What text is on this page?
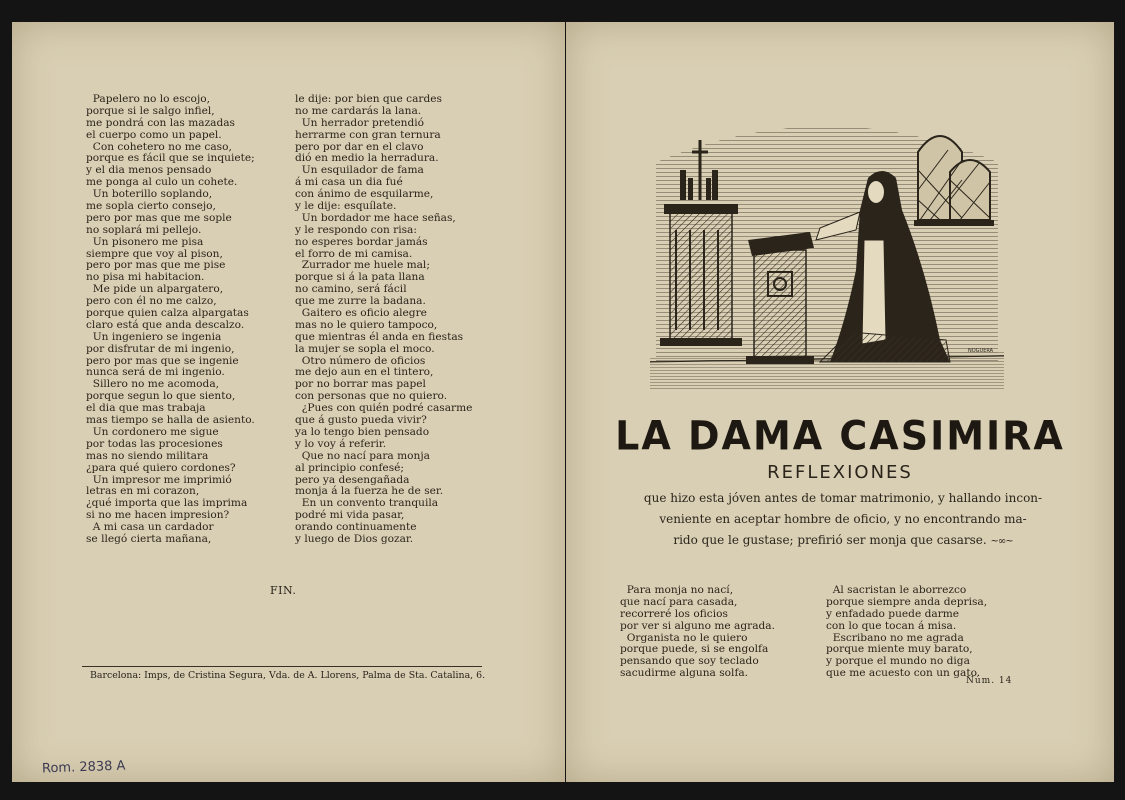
Papelero no lo escojo,
porque si le salgo infiel,
me pondrá con las mazadas
el cuerpo como un papel.
Con cohetero no me caso,
porque es fácil que se inquiete;
y el dia menos pensado
me ponga al culo un cohete.
Un boterillo soplando,
me sopla cierto consejo,
pero por mas que me sople
no soplará mi pellejo.
Un pisonero me pisa
siempre que voy al pison,
pero por mas que me pise
no pisa mi habitacion.
Me pide un alpargatero,
pero con él no me calzo,
porque quien calza alpargatas
claro está que anda descalzo.
Un ingeniero se ingenia
por disfrutar de mi ingenio,
pero por mas que se ingenie
nunca será de mi ingenio.
Sillero no me acomoda,
porque segun lo que siento,
el dia que mas trabaja
mas tiempo se halla de asiento.
Un cordonero me sigue
por todas las procesiones
mas no siendo militara
¿para qué quiero cordones?
Un impresor me imprimió
letras en mi corazon,
¿qué importa que las imprima
si no me hacen impresion?
A mi casa un cardador
se llegó cierta mañana,
le dije: por bien que cardes
no me cardarás la lana.
Un herrador pretendió
herrarme con gran ternura
pero por dar en el clavo
dió en medio la herradura.
Un esquilador de fama
á mi casa un dia fué
con ánimo de esquilarme,
y le dije: esquílate.
Un bordador me hace señas,
y le respondo con risa:
no esperes bordar jamás
el forro de mi camisa.
Zurrador me huele mal;
porque si á la pata llana
no camino, será fácil
que me zurre la badana.
Gaitero es oficio alegre
mas no le quiero tampoco,
que mientras él anda en fiestas
la mujer se sopla el moco.
Otro número de oficios
me dejo aun en el tintero,
por no borrar mas papel
con personas que no quiero.
¿Pues con quién podré casarme
que á gusto pueda vivir?
ya lo tengo bien pensado
y lo voy á referir.
Que no nací para monja
al principio confesé;
pero ya desengañada
monja á la fuerza he de ser.
En un convento tranquila
podré mi vida pasar,
orando continuamente
y luego de Dios gozar.
FIN.
Barcelona: Imps, de Cristina Segura, Vda. de A. Llorens, Palma de Sta. Catalina, 6.
Rom. 2838 A
NOGUERA
LA DAMA CASIMIRA
REFLEXIONES
que hizo esta jóven antes de tomar matrimonio, y hallando incon-
veniente en aceptar hombre de oficio, y no encontrando ma-
rido que le gustase; prefirió ser monja que casarse. ~∞~
Para monja no nací,
que nací para casada,
recorreré los oficios
por ver si alguno me agrada.
Organista no le quiero
porque puede, si se engolfa
pensando que soy teclado
sacudirme alguna solfa.
Al sacristan le aborrezco
porque siempre anda deprisa,
y enfadado puede darme
con lo que tocan á misa.
Escribano no me agrada
porque miente muy barato,
y porque el mundo no diga
que me acuesto con un gato.
Núm. 14
